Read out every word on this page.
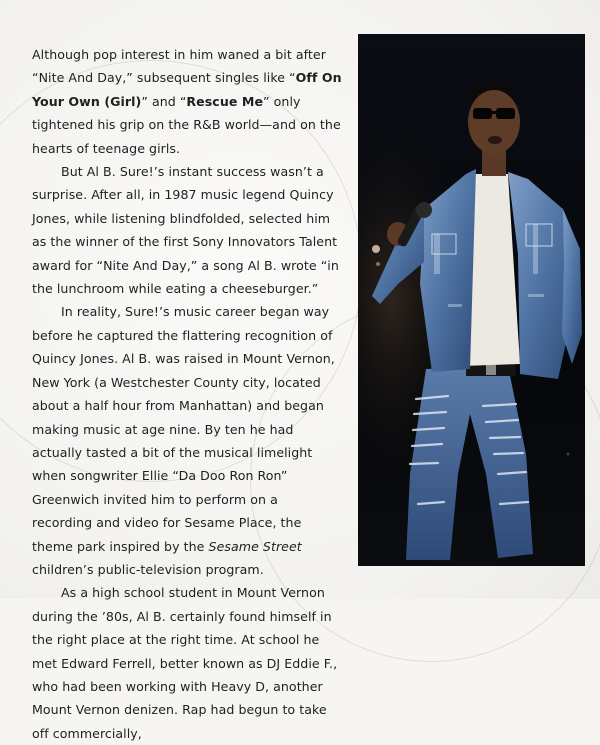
Although pop interest in him waned a bit after “Nite And Day,” subsequent singles like “Off On Your Own (Girl)” and “Rescue Me” only tightened his grip on the R&B world—and on the hearts of teenage girls.

But Al B. Sure!’s instant success wasn’t a surprise. After all, in 1987 music legend Quincy Jones, while listening blindfolded, selected him as the winner of the first Sony Innovators Talent award for “Nite And Day,” a song Al B. wrote “in the lunchroom while eating a cheeseburger.”

In reality, Sure!’s music career began way before he captured the flattering recognition of Quincy Jones. Al B. was raised in Mount Vernon, New York (a Westchester County city, located about a half hour from Manhattan) and began making music at age nine. By ten he had actually tasted a bit of the musical limelight when songwriter Ellie “Da Doo Ron Ron” Greenwich invited him to perform on a recording and video for Sesame Place, the theme park inspired by the Sesame Street children’s public-television program.

As a high school student in Mount Vernon during the ’80s, Al B. certainly found himself in the right place at the right time. At school he met Edward Ferrell, better known as DJ Eddie F., who had been working with Heavy D, another Mount Vernon denizen. Rap had begun to take off commercially,
